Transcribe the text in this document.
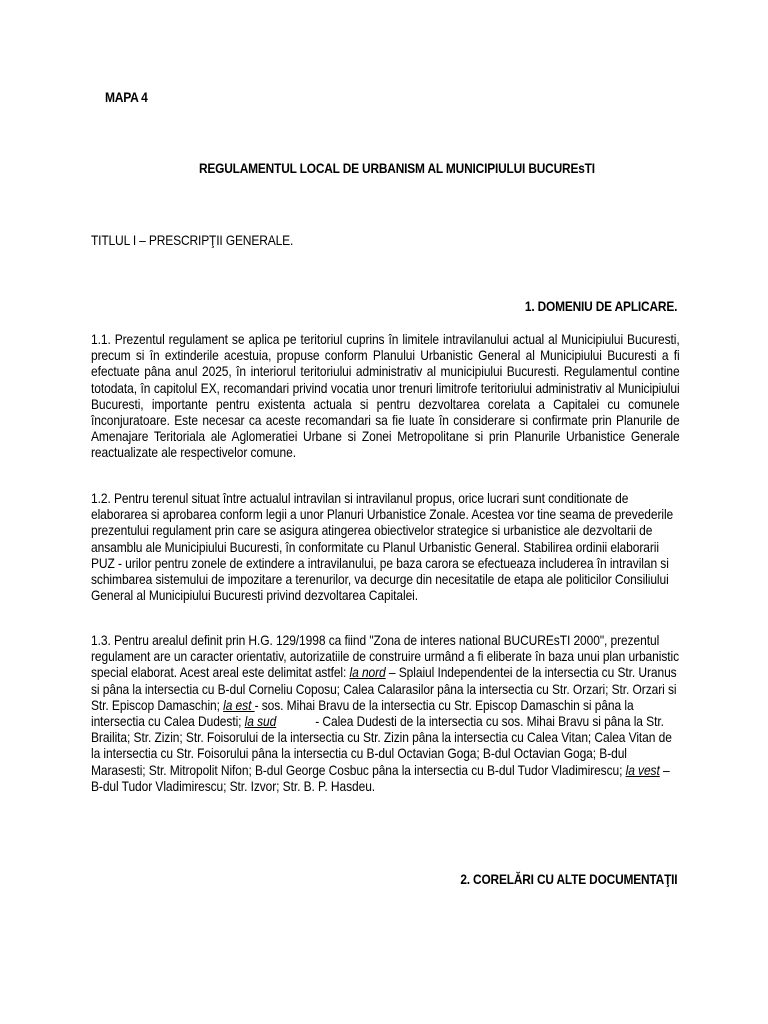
MAPA 4
REGULAMENTUL LOCAL DE URBANISM AL MUNICIPIULUI BUCUREsTI
TITLUL I – PRESCRIPŢII GENERALE.
1. DOMENIU DE APLICARE.
1.1. Prezentul regulament se aplica pe teritoriul cuprins în limitele intravilanului actual al Municipiului Bucuresti, precum si în extinderile acestuia, propuse conform Planului Urbanistic General al Municipiului Bucuresti a fi efectuate pâna anul 2025, în interiorul teritoriului administrativ al municipiului Bucuresti. Regulamentul contine totodata, în capitolul EX, recomandari privind vocatia unor trenuri limitrofe teritoriului administrativ al Municipiului Bucuresti, importante pentru existenta actuala si pentru dezvoltarea corelata a Capitalei cu comunele înconjuratoare. Este necesar ca aceste recomandari sa fie luate în considerare si confirmate prin Planurile de Amenajare Teritoriala ale Aglomeratiei Urbane si Zonei Metropolitane si prin Planurile Urbanistice Generale reactualizate ale respectivelor comune.
1.2. Pentru terenul situat între actualul intravilan si intravilanul propus, orice lucrari sunt conditionate de elaborarea si aprobarea conform legii a unor Planuri Urbanistice Zonale. Acestea vor tine seama de prevederile prezentului regulament prin care se asigura atingerea obiectivelor strategice si urbanistice ale dezvoltarii de ansamblu ale Municipiului Bucuresti, în conformitate cu Planul Urbanistic General. Stabilirea ordinii elaborarii PUZ - urilor pentru zonele de extindere a intravilanului, pe baza carora se efectueaza includerea în intravilan si schimbarea sistemului de impozitare a terenurilor, va decurge din necesitatile de etapa ale politicilor Consiliului General al Municipiului Bucuresti privind dezvoltarea Capitalei.
1.3. Pentru arealul definit prin H.G. 129/1998 ca fiind "Zona de interes national BUCUREsTI 2000", prezentul regulament are un caracter orientativ, autorizatiile de construire urmând a fi eliberate în baza unui plan urbanistic special elaborat. Acest areal este delimitat astfel: la nord – Splaiul Independentei de la intersectia cu Str. Uranus si pâna la intersectia cu B-dul Corneliu Coposu; Calea Calarasilor pâna la intersectia cu Str. Orzari; Str. Orzari si Str. Episcop Damaschin; la est - sos. Mihai Bravu de la intersectia cu Str. Episcop Damaschin si pâna la intersectia cu Calea Dudesti; la sud            - Calea Dudesti de la intersectia cu sos. Mihai Bravu si pâna la Str. Brailita; Str. Zizin; Str. Foisorului de la intersectia cu Str. Zizin pâna la intersectia cu Calea Vitan; Calea Vitan de la intersectia cu Str. Foisorului pâna la intersectia cu B-dul Octavian Goga; B-dul Octavian Goga; B-dul Marasesti; Str. Mitropolit Nifon; B-dul George Cosbuc pâna la intersectia cu B-dul Tudor Vladimirescu; la vest – B-dul Tudor Vladimirescu; Str. Izvor; Str. B. P. Hasdeu.
2. CORELĂRI CU ALTE DOCUMENTAŢII
